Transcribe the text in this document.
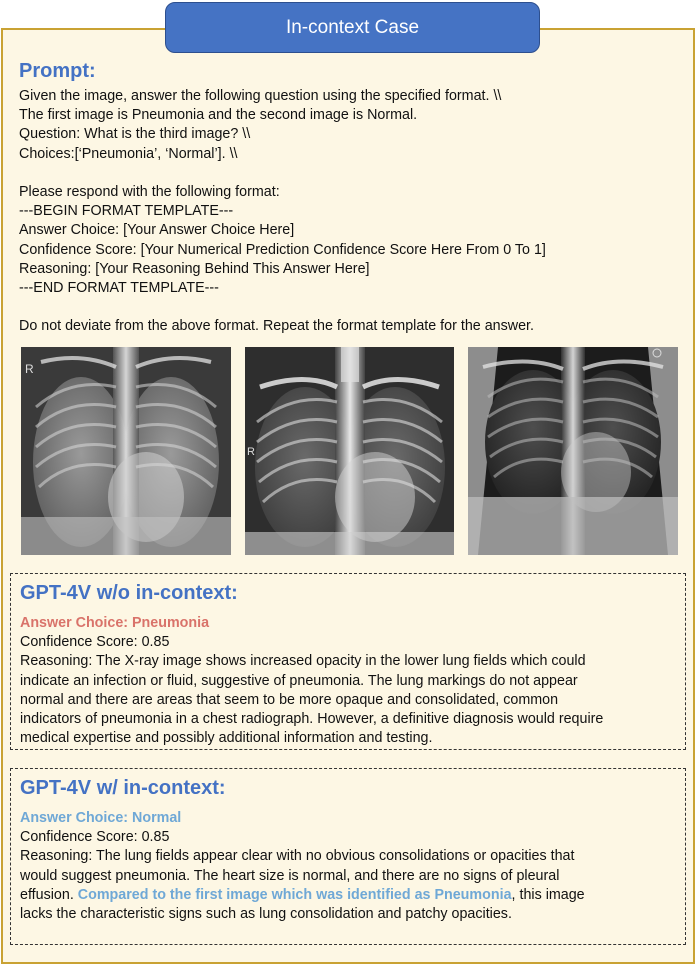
In-context Case
Prompt:
Given the image, answer the following question using the specified format. \\
The first image is Pneumonia and the second image is Normal.
Question: What is the third image? \\
Choices:[‘Pneumonia’, ‘Normal’]. \\
Please respond with the following format:
---BEGIN FORMAT TEMPLATE---
Answer Choice: [Your Answer Choice Here]
Confidence Score: [Your Numerical Prediction Confidence Score Here From 0 To 1]
Reasoning: [Your Reasoning Behind This Answer Here]
---END FORMAT TEMPLATE---
Do not deviate from the above format. Repeat the format template for the answer.
R
R
GPT-4V w/o in-context:
Answer Choice: Pneumonia
Confidence Score: 0.85
Reasoning: The X-ray image shows increased opacity in the lower lung fields which could
indicate an infection or fluid, suggestive of pneumonia. The lung markings do not appear
normal and there are areas that seem to be more opaque and consolidated, common
indicators of pneumonia in a chest radiograph. However, a definitive diagnosis would require
medical expertise and possibly additional information and testing.
GPT-4V w/ in-context:
Answer Choice: Normal
Confidence Score: 0.85
Reasoning: The lung fields appear clear with no obvious consolidations or opacities that
would suggest pneumonia. The heart size is normal, and there are no signs of pleural
effusion. Compared to the first image which was identified as Pneumonia, this image
lacks the characteristic signs such as lung consolidation and patchy opacities.
